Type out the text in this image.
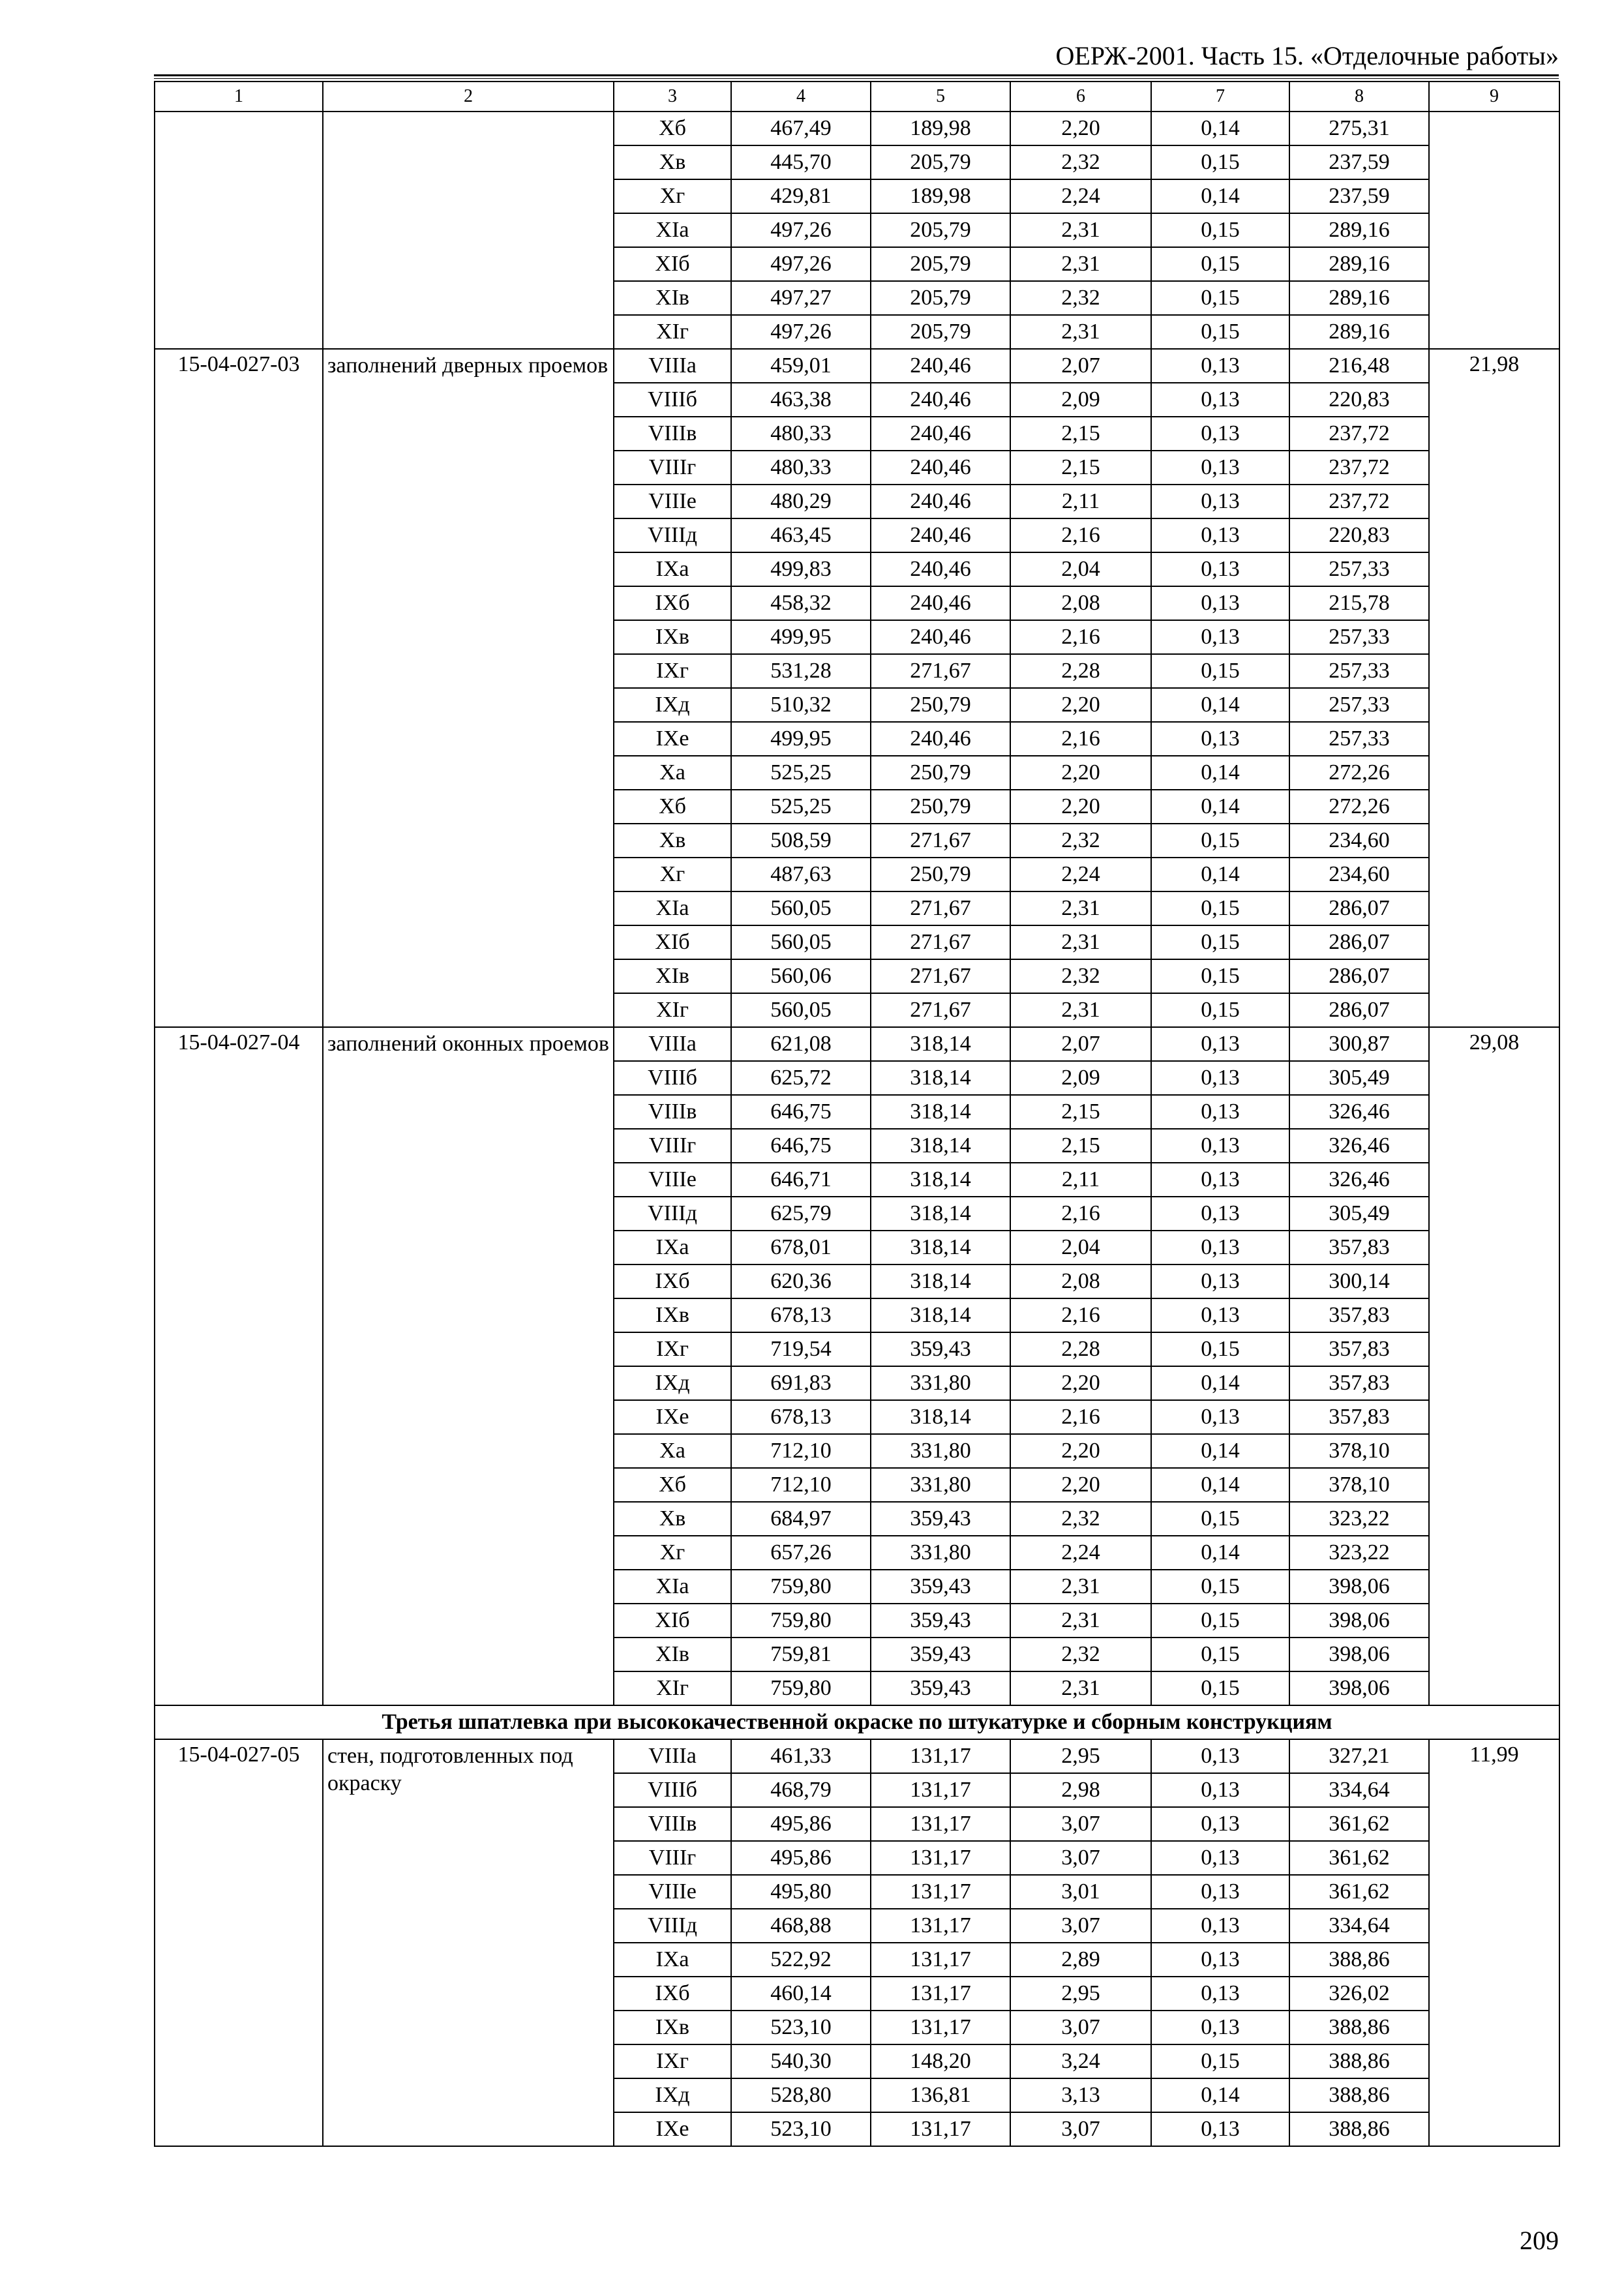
ОЕРЖ-2001. Часть 15. «Отделочные работы»
1	2	3	4	5	6	7	8	9
		Xб	467,49	189,98	2,20	0,14	275,31	
		Xв	445,70	205,79	2,32	0,15	237,59	
		Xг	429,81	189,98	2,24	0,14	237,59	
		XIа	497,26	205,79	2,31	0,15	289,16	
		XIб	497,26	205,79	2,31	0,15	289,16	
		XIв	497,27	205,79	2,32	0,15	289,16	
		XIг	497,26	205,79	2,31	0,15	289,16	
15-04-027-03	заполнений дверных проемов	VIIIа	459,01	240,46	2,07	0,13	216,48	21,98
		VIIIб	463,38	240,46	2,09	0,13	220,83	
		VIIIв	480,33	240,46	2,15	0,13	237,72	
		VIIIг	480,33	240,46	2,15	0,13	237,72	
		VIIIе	480,29	240,46	2,11	0,13	237,72	
		VIIIд	463,45	240,46	2,16	0,13	220,83	
		IXа	499,83	240,46	2,04	0,13	257,33	
		IXб	458,32	240,46	2,08	0,13	215,78	
		IXв	499,95	240,46	2,16	0,13	257,33	
		IXг	531,28	271,67	2,28	0,15	257,33	
		IXд	510,32	250,79	2,20	0,14	257,33	
		IXе	499,95	240,46	2,16	0,13	257,33	
		Xа	525,25	250,79	2,20	0,14	272,26	
		Xб	525,25	250,79	2,20	0,14	272,26	
		Xв	508,59	271,67	2,32	0,15	234,60	
		Xг	487,63	250,79	2,24	0,14	234,60	
		XIа	560,05	271,67	2,31	0,15	286,07	
		XIб	560,05	271,67	2,31	0,15	286,07	
		XIв	560,06	271,67	2,32	0,15	286,07	
		XIг	560,05	271,67	2,31	0,15	286,07	
15-04-027-04	заполнений оконных проемов	VIIIа	621,08	318,14	2,07	0,13	300,87	29,08
		VIIIб	625,72	318,14	2,09	0,13	305,49	
		VIIIв	646,75	318,14	2,15	0,13	326,46	
		VIIIг	646,75	318,14	2,15	0,13	326,46	
		VIIIе	646,71	318,14	2,11	0,13	326,46	
		VIIIд	625,79	318,14	2,16	0,13	305,49	
		IXа	678,01	318,14	2,04	0,13	357,83	
		IXб	620,36	318,14	2,08	0,13	300,14	
		IXв	678,13	318,14	2,16	0,13	357,83	
		IXг	719,54	359,43	2,28	0,15	357,83	
		IXд	691,83	331,80	2,20	0,14	357,83	
		IXе	678,13	318,14	2,16	0,13	357,83	
		Xа	712,10	331,80	2,20	0,14	378,10	
		Xб	712,10	331,80	2,20	0,14	378,10	
		Xв	684,97	359,43	2,32	0,15	323,22	
		Xг	657,26	331,80	2,24	0,14	323,22	
		XIа	759,80	359,43	2,31	0,15	398,06	
		XIб	759,80	359,43	2,31	0,15	398,06	
		XIв	759,81	359,43	2,32	0,15	398,06	
		XIг	759,80	359,43	2,31	0,15	398,06	
Третья шпатлевка при высококачественной окраске по штукатурке и сборным конструкциям								
15-04-027-05	стен, подготовленных под окраску	VIIIа	461,33	131,17	2,95	0,13	327,21	11,99
		VIIIб	468,79	131,17	2,98	0,13	334,64	
		VIIIв	495,86	131,17	3,07	0,13	361,62	
		VIIIг	495,86	131,17	3,07	0,13	361,62	
		VIIIе	495,80	131,17	3,01	0,13	361,62	
		VIIIд	468,88	131,17	3,07	0,13	334,64	
		IXа	522,92	131,17	2,89	0,13	388,86	
		IXб	460,14	131,17	2,95	0,13	326,02	
		IXв	523,10	131,17	3,07	0,13	388,86	
		IXг	540,30	148,20	3,24	0,15	388,86	
		IXд	528,80	136,81	3,13	0,14	388,86	
		IXе	523,10	131,17	3,07	0,13	388,86	
209
